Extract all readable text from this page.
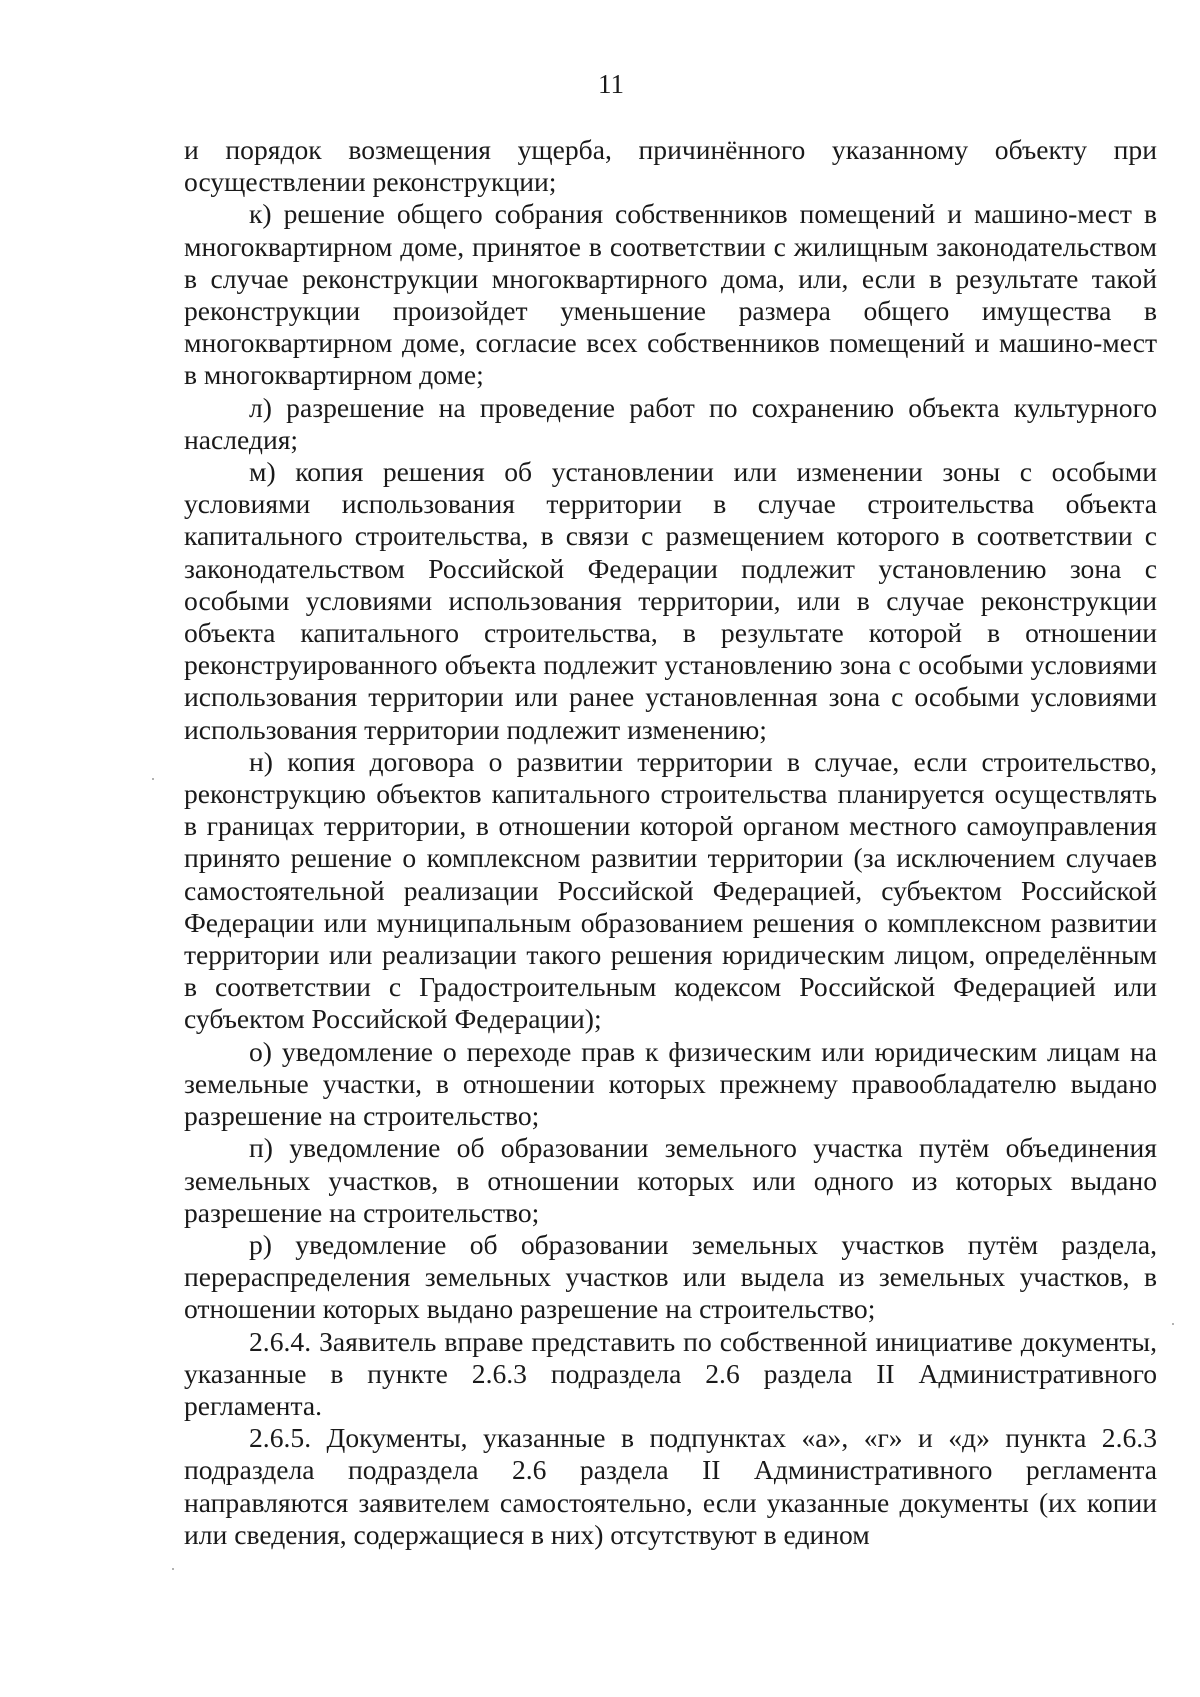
11

и порядок возмещения ущерба, причинённого указанному объекту при осуществлении реконструкции;

к) решение общего собрания собственников помещений и машино-мест в многоквартирном доме, принятое в соответствии с жилищным законодательством в случае реконструкции многоквартирного дома, или, если в результате такой реконструкции произойдет уменьшение размера общего имущества в многоквартирном доме, согласие всех собственников помещений и машино-мест в многоквартирном доме;

л) разрешение на проведение работ по сохранению объекта культурного наследия;

м) копия решения об установлении или изменении зоны с особыми условиями использования территории в случае строительства объекта капитального строительства, в связи с размещением которого в соответствии с законодательством Российской Федерации подлежит установлению зона с особыми условиями использования территории, или в случае реконструкции объекта капитального строительства, в результате которой в отношении реконструированного объекта подлежит установлению зона с особыми условиями использования территории или ранее установленная зона с особыми условиями использования территории подлежит изменению;

н) копия договора о развитии территории в случае, если строительство, реконструкцию объектов капитального строительства планируется осуществлять в границах территории, в отношении которой органом местного самоуправления принято решение о комплексном развитии территории (за исключением случаев самостоятельной реализации Российской Федерацией, субъектом Российской Федерации или муниципальным образованием решения о комплексном развитии территории или реализации такого решения юридическим лицом, определённым в соответствии с Градостроительным кодексом Российской Федерацией или субъектом Российской Федерации);

о) уведомление о переходе прав к физическим или юридическим лицам на земельные участки, в отношении которых прежнему правообладателю выдано разрешение на строительство;

п) уведомление об образовании земельного участка путём объединения земельных участков, в отношении которых или одного из которых выдано разрешение на строительство;

р) уведомление об образовании земельных участков путём раздела, перераспределения земельных участков или выдела из земельных участков, в отношении которых выдано разрешение на строительство;

2.6.4. Заявитель вправе представить по собственной инициативе документы, указанные в пункте 2.6.3 подраздела 2.6 раздела II Административного регламента.

2.6.5. Документы, указанные в подпунктах «а», «г» и «д» пункта 2.6.3 подраздела подраздела 2.6 раздела II Административного регламента направляются заявителем самостоятельно, если указанные документы (их копии или сведения, содержащиеся в них) отсутствуют в едином
